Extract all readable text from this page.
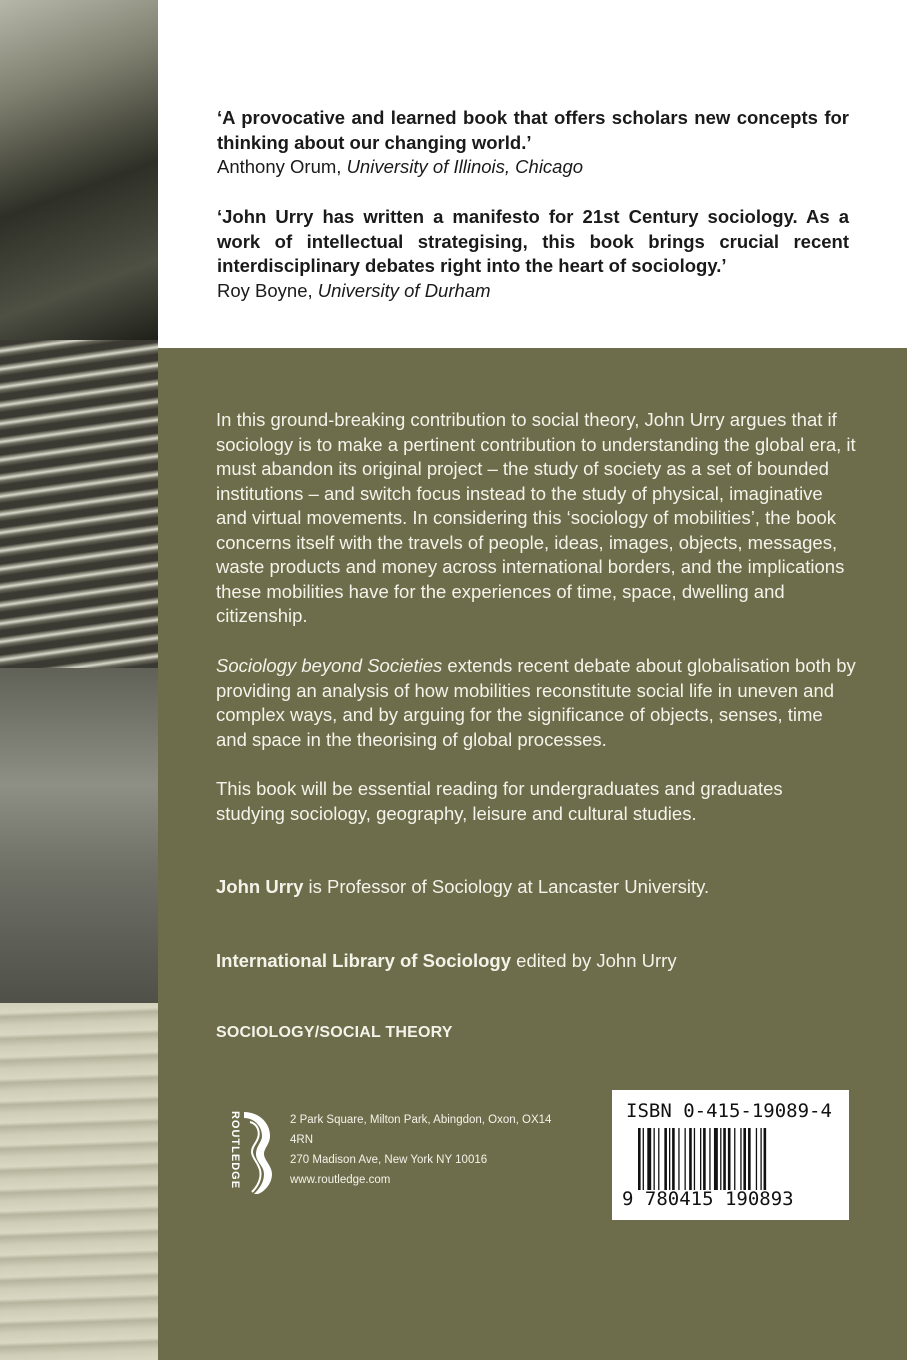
‘A provocative and learned book that offers scholars new concepts for thinking about our changing world.’
Anthony Orum, University of Illinois, Chicago
‘John Urry has written a manifesto for 21st Century sociology. As a work of intellectual strategising, this book brings crucial recent interdisciplinary debates right into the heart of sociology.’
Roy Boyne, University of Durham
In this ground-breaking contribution to social theory, John Urry argues that if sociology is to make a pertinent contribution to understanding the global era, it must abandon its original project – the study of society as a set of bounded institutions – and switch focus instead to the study of physical, imaginative and virtual movements. In considering this ‘sociology of mobilities’, the book concerns itself with the travels of people, ideas, images, objects, messages, waste products and money across international borders, and the implications these mobilities have for the experiences of time, space, dwelling and citizenship.
Sociology beyond Societies extends recent debate about globalisation both by providing an analysis of how mobilities reconstitute social life in uneven and complex ways, and by arguing for the significance of objects, senses, time and space in the theorising of global processes.
This book will be essential reading for undergraduates and graduates studying sociology, geography, leisure and cultural studies.
John Urry is Professor of Sociology at Lancaster University.
International Library of Sociology edited by John Urry
SOCIOLOGY/SOCIAL THEORY
ROUTLEDGE	2 Park Square, Milton Park, Abingdon, Oxon, OX14 4RN
270 Madison Ave, New York NY 10016
www.routledge.com
ISBN 0-415-19089-4
9 780415 190893
